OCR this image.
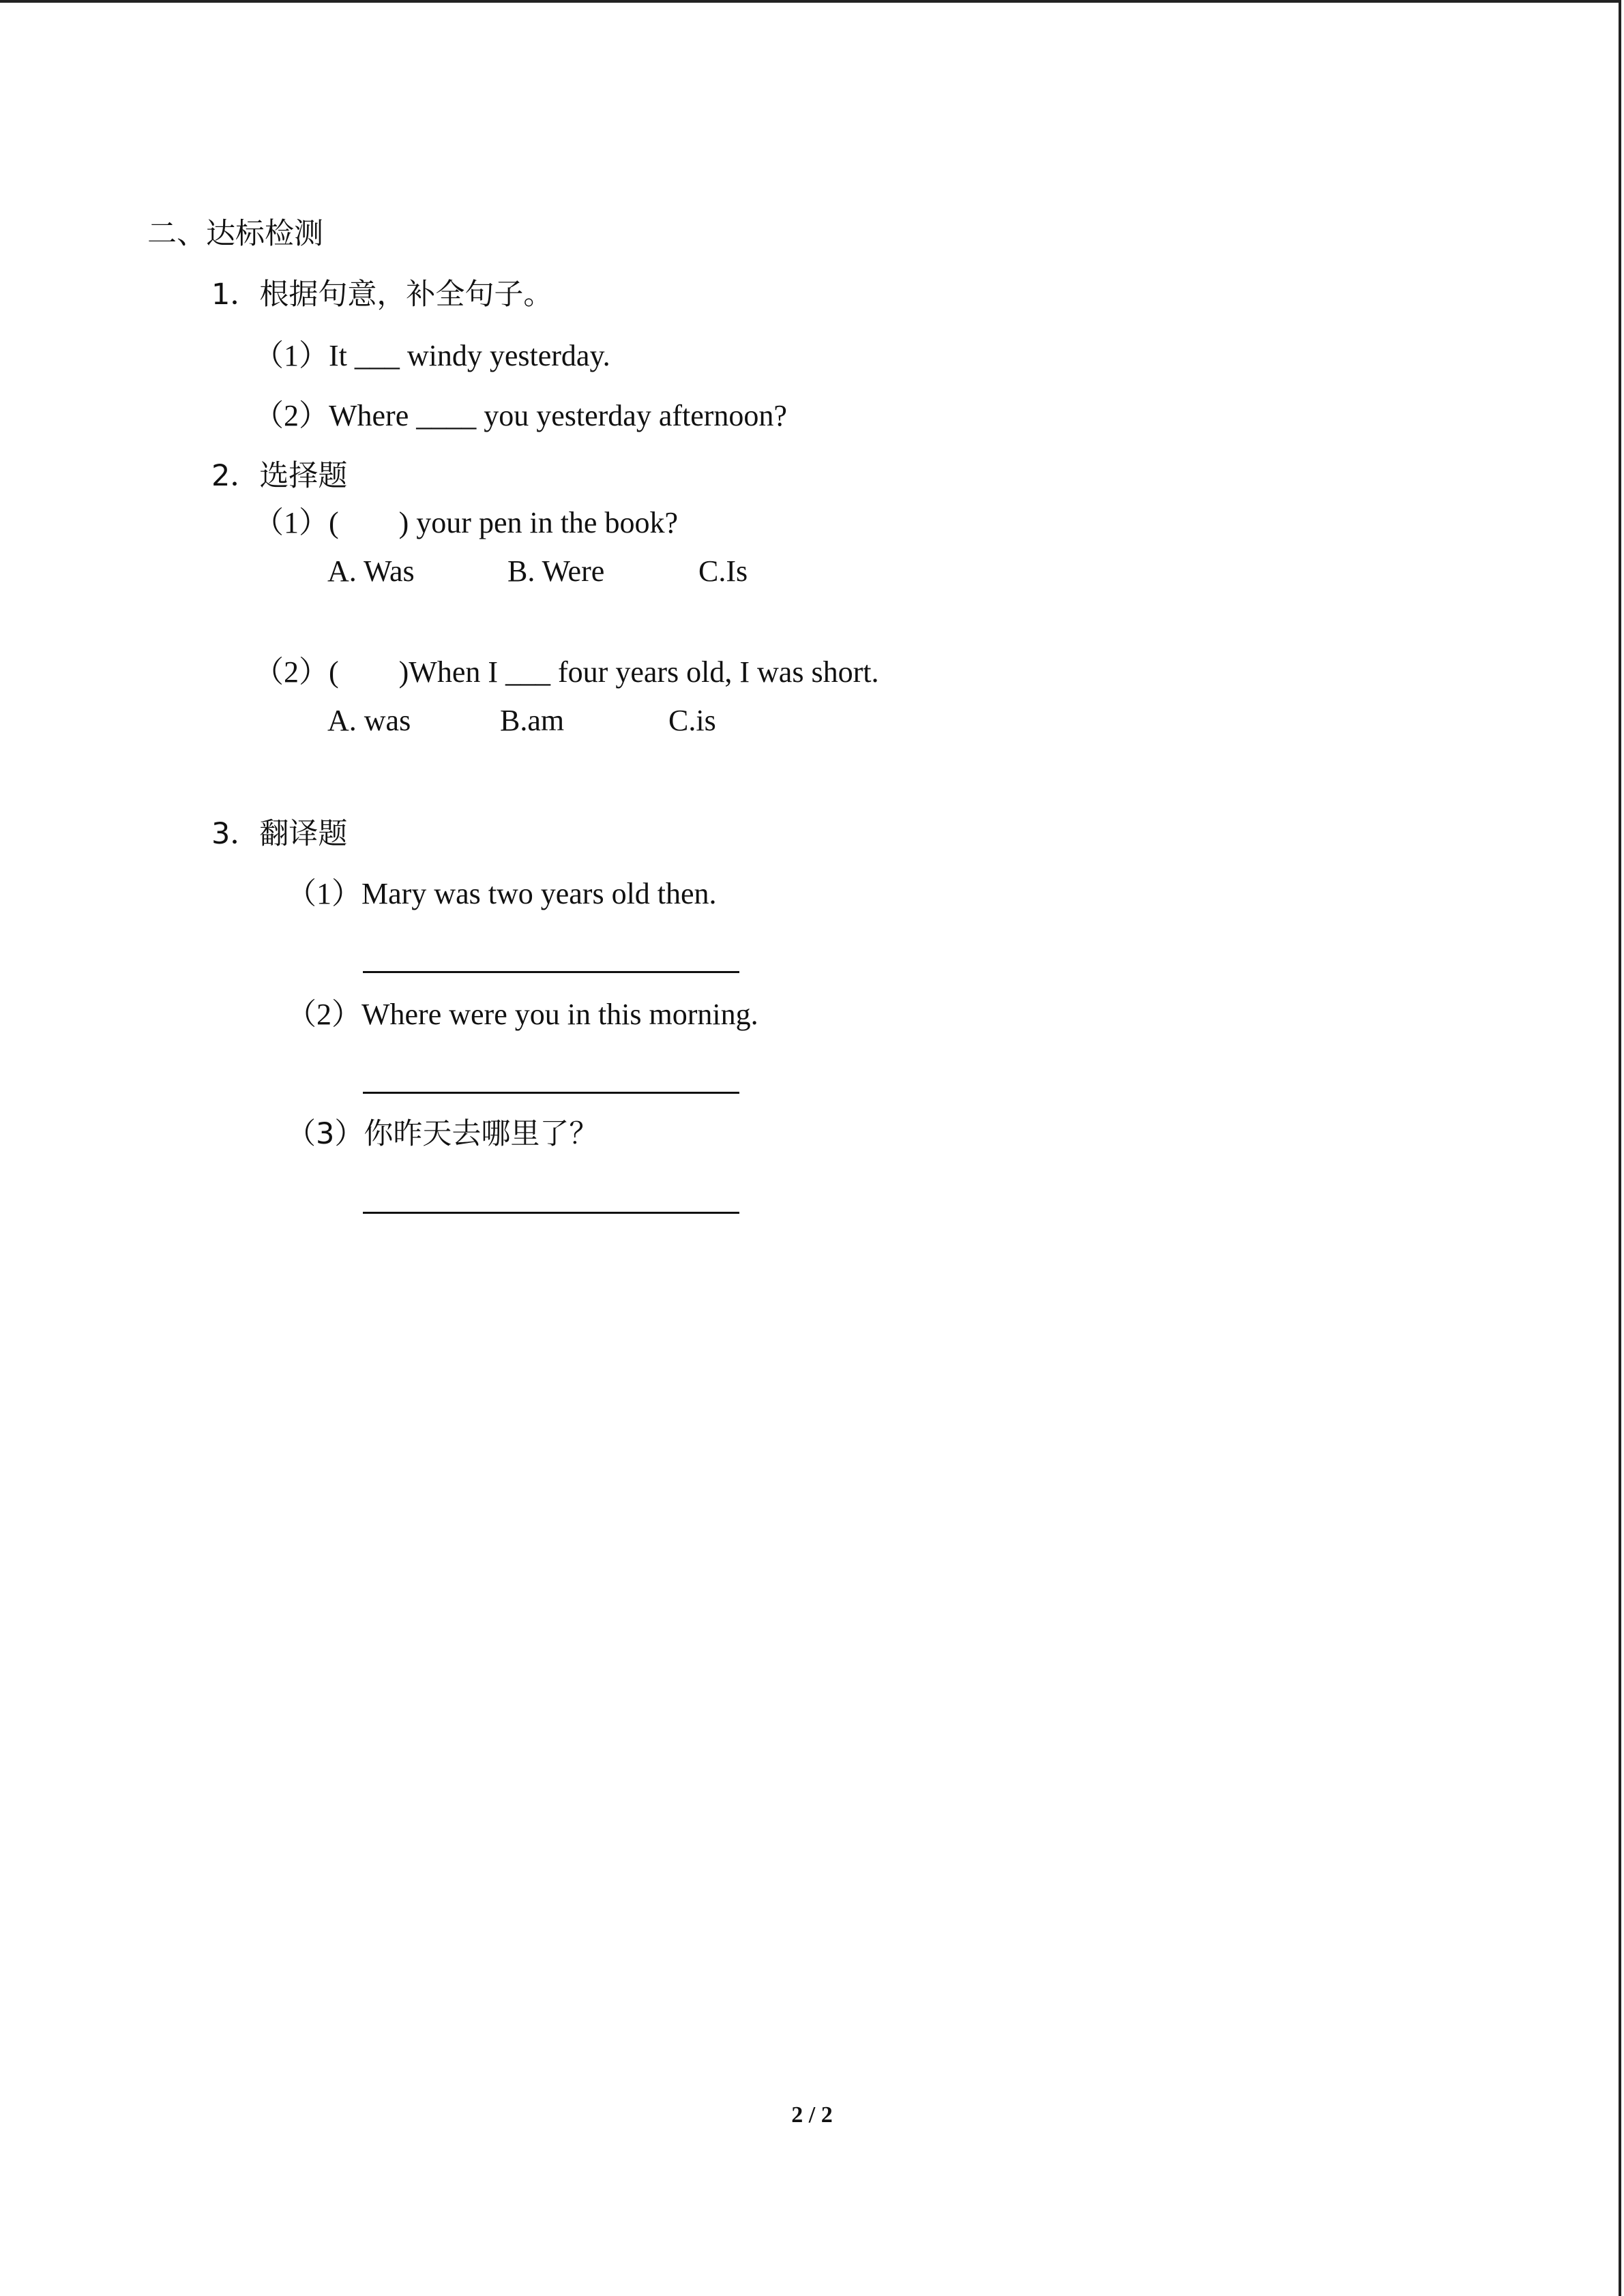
二、达标检测
1．根据句意，补全句子。
（1）It ___ windy yesterday.
（2）Where ____ you yesterday afternoon?
2．选择题
（1）(        ) your pen in the book?
A. Was	B. Were	C.Is
（2）(        )When I ___ four years old, I was short.
A. was	B.am	C.is
3．翻译题
（1）Mary was two years old then.
（2）Where were you in this morning.
（3）你昨天去哪里了？
2 / 2
